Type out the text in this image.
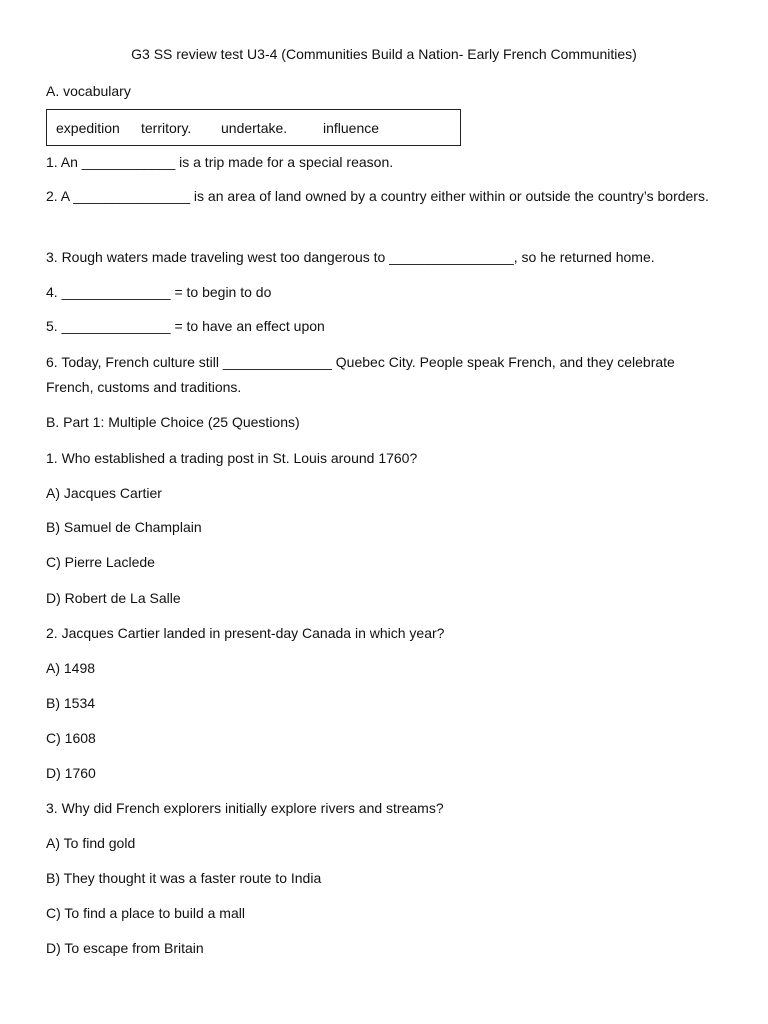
G3 SS review test U3-4 (Communities Build a Nation- Early French Communities)
A. vocabulary
expedition territory. undertake.	influence
1. An ____________ is a trip made for a special reason.
2. A _______________ is an area of land owned by a country either within or outside the country’s borders.
3. Rough waters made traveling west too dangerous to ________________, so he returned home.
4. ______________ = to begin to do
5. ______________ = to have an effect upon
6. Today, French culture still ______________ Quebec City. People speak French, and they celebrate French, customs and traditions.
B. Part 1: Multiple Choice (25 Questions)
1. Who established a trading post in St. Louis around 1760?
A) Jacques Cartier
B) Samuel de Champlain
C) Pierre Laclede
D) Robert de La Salle
2. Jacques Cartier landed in present-day Canada in which year?
A) 1498
B) 1534
C) 1608
D) 1760
3. Why did French explorers initially explore rivers and streams?
A) To find gold
B) They thought it was a faster route to India
C) To find a place to build a mall
D) To escape from Britain
